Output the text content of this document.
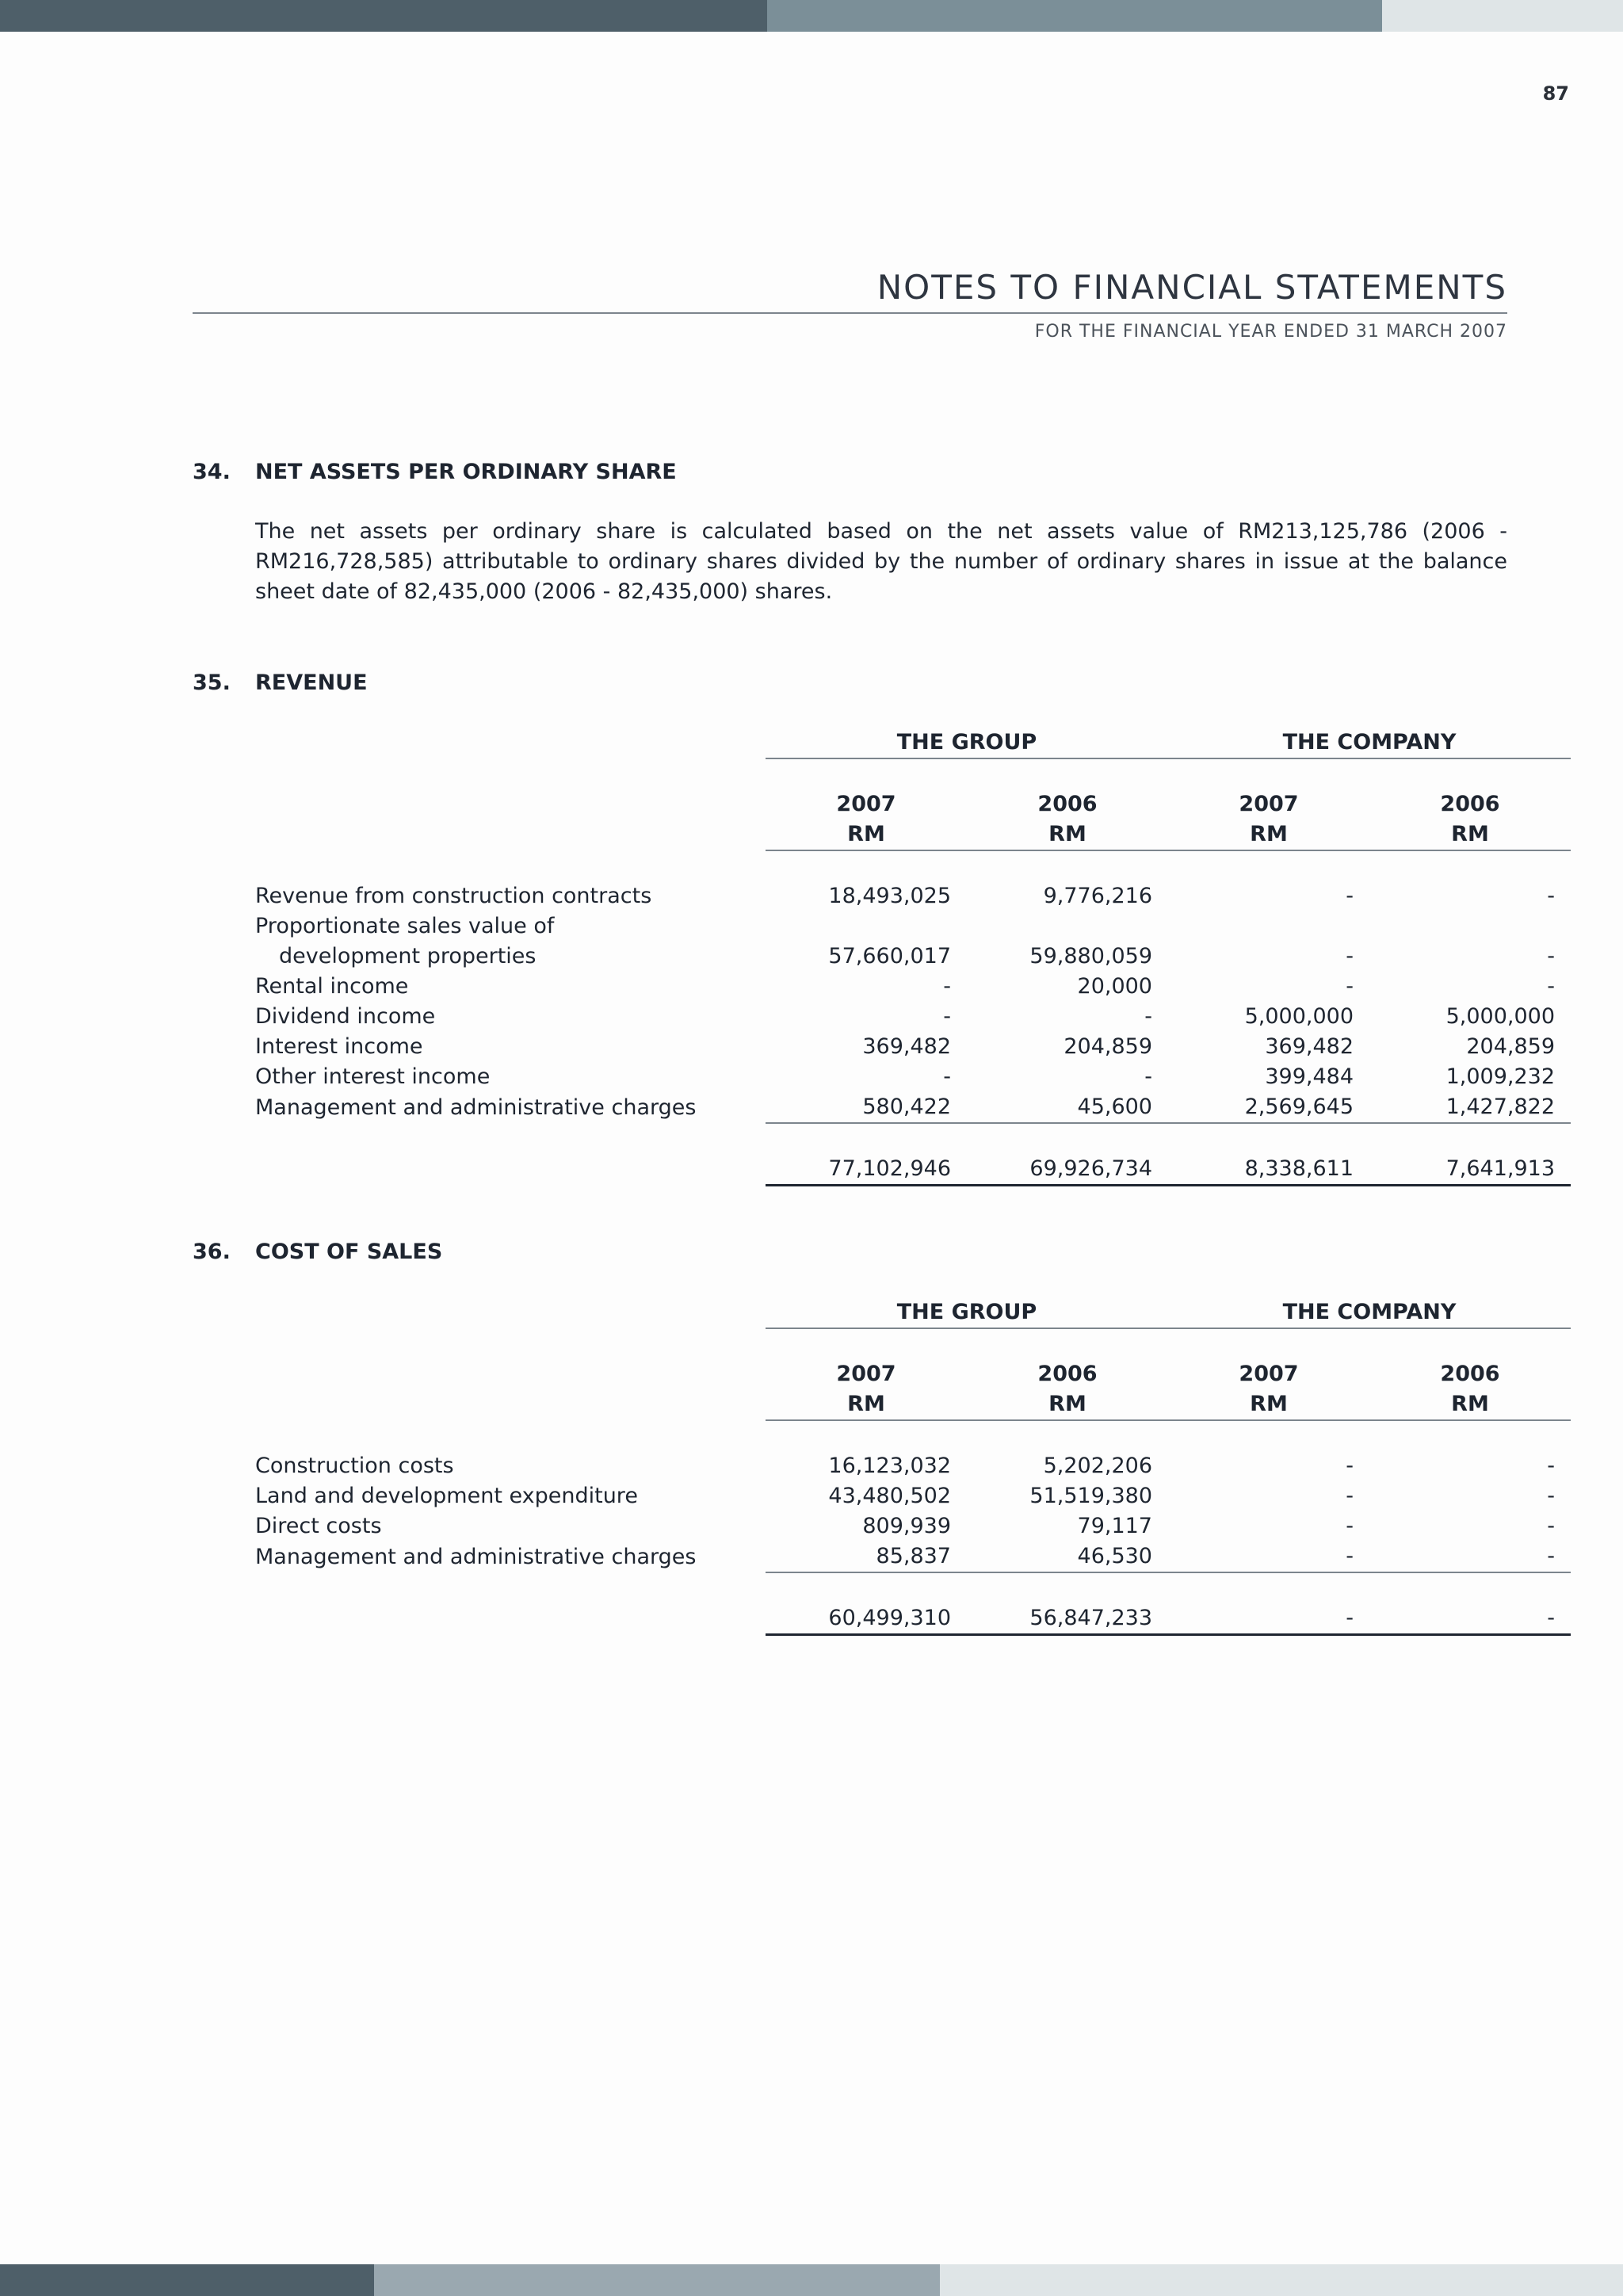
87
NOTES TO FINANCIAL STATEMENTS
FOR THE FINANCIAL YEAR ENDED 31 MARCH 2007
34. NET ASSETS PER ORDINARY SHARE
The net assets per ordinary share is calculated based on the net assets value of RM213,125,786 (2006 - RM216,728,585) attributable to ordinary shares divided by the number of ordinary shares in issue at the balance sheet date of 82,435,000 (2006 - 82,435,000) shares.
35. REVENUE
	THE GROUP		THE COMPANY	

	2007	2006	2007	2006
	RM	RM	RM	RM

Revenue from construction contracts	18,493,025	9,776,216	-	-
Proportionate sales value of				
development properties	57,660,017	59,880,059	-	-
Rental income	-	20,000	-	-
Dividend income	-	-	5,000,000	5,000,000
Interest income	369,482	204,859	369,482	204,859
Other interest income	-	-	399,484	1,009,232
Management and administrative charges	580,422	45,600	2,569,645	1,427,822

	77,102,946	69,926,734	8,338,611	7,641,913
36. COST OF SALES
	THE GROUP		THE COMPANY	

	2007	2006	2007	2006
	RM	RM	RM	RM

Construction costs	16,123,032	5,202,206	-	-
Land and development expenditure	43,480,502	51,519,380	-	-
Direct costs	809,939	79,117	-	-
Management and administrative charges	85,837	46,530	-	-

	60,499,310	56,847,233	-	-
